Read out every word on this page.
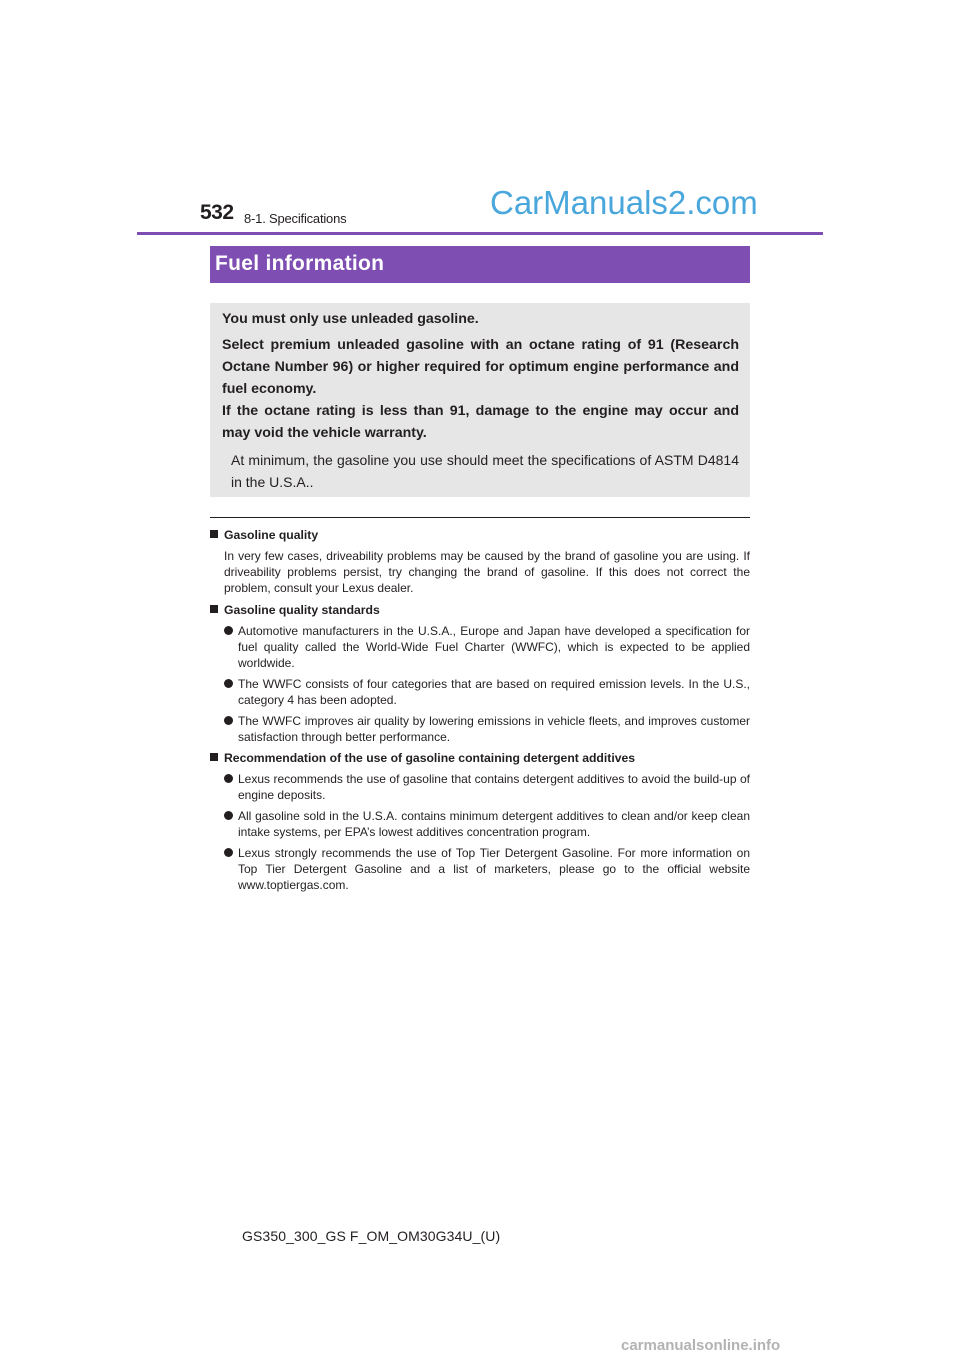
532 8-1. Specifications	CarManuals2.com
Fuel information

You must only use unleaded gasoline.

Select premium unleaded gasoline with an octane rating of 91 (Research Octane Number 96) or higher required for optimum engine performance and fuel economy.

If the octane rating is less than 91, damage to the engine may occur and may void the vehicle warranty.

At minimum, the gasoline you use should meet the specifications of ASTM D4814 in the U.S.A..

Gasoline quality
In very few cases, driveability problems may be caused by the brand of gasoline you are using. If driveability problems persist, try changing the brand of gasoline. If this does not correct the problem, consult your Lexus dealer.
Gasoline quality standards
Automotive manufacturers in the U.S.A., Europe and Japan have developed a specification for fuel quality called the World-Wide Fuel Charter (WWFC), which is expected to be applied worldwide.
The WWFC consists of four categories that are based on required emission levels. In the U.S., category 4 has been adopted.
The WWFC improves air quality by lowering emissions in vehicle fleets, and improves customer satisfaction through better performance.
Recommendation of the use of gasoline containing detergent additives
Lexus recommends the use of gasoline that contains detergent additives to avoid the build-up of engine deposits.
All gasoline sold in the U.S.A. contains minimum detergent additives to clean and/or keep clean intake systems, per EPA’s lowest additives concentration program.
Lexus strongly recommends the use of Top Tier Detergent Gasoline. For more information on Top Tier Detergent Gasoline and a list of marketers, please go to the official website www.toptiergas.com.
GS350_300_GS F_OM_OM30G34U_(U)
carmanualsonline.info
